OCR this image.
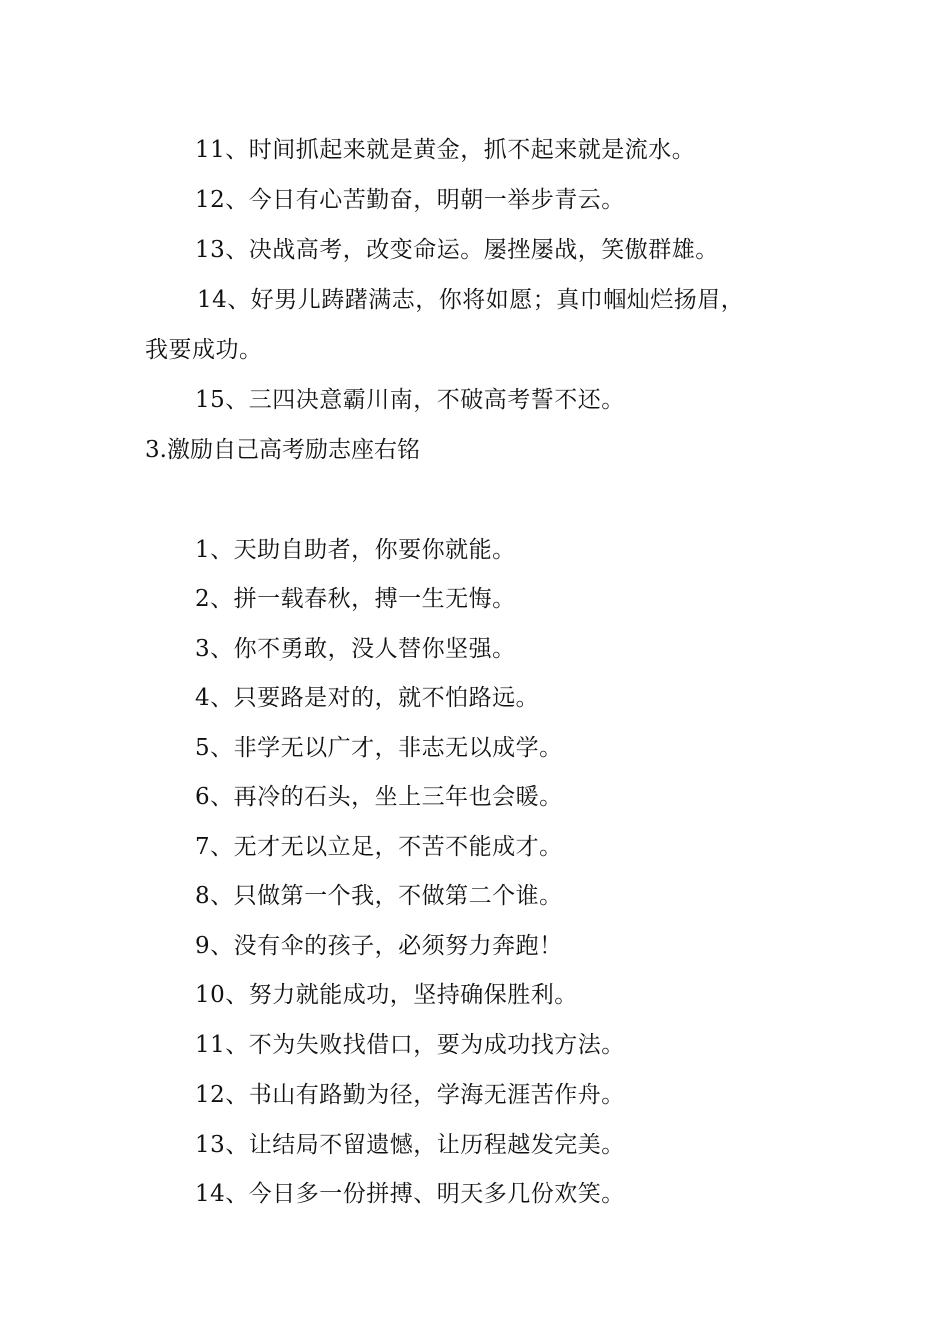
11、时间抓起来就是黄金，抓不起来就是流水。
12、今日有心苦勤奋，明朝一举步青云。
13、决战高考，改变命运。屡挫屡战，笑傲群雄。
14、好男儿踌躇满志，你将如愿；真巾帼灿烂扬眉，
我要成功。
15、三四决意霸川南，不破高考誓不还。
3.激励自己高考励志座右铭
1、天助自助者，你要你就能。
2、拼一载春秋，搏一生无悔。
3、你不勇敢，没人替你坚强。
4、只要路是对的，就不怕路远。
5、非学无以广才，非志无以成学。
6、再冷的石头，坐上三年也会暖。
7、无才无以立足，不苦不能成才。
8、只做第一个我，不做第二个谁。
9、没有伞的孩子，必须努力奔跑！
10、努力就能成功，坚持确保胜利。
11、不为失败找借口，要为成功找方法。
12、书山有路勤为径，学海无涯苦作舟。
13、让结局不留遗憾，让历程越发完美。
14、今日多一份拼搏、明天多几份欢笑。
